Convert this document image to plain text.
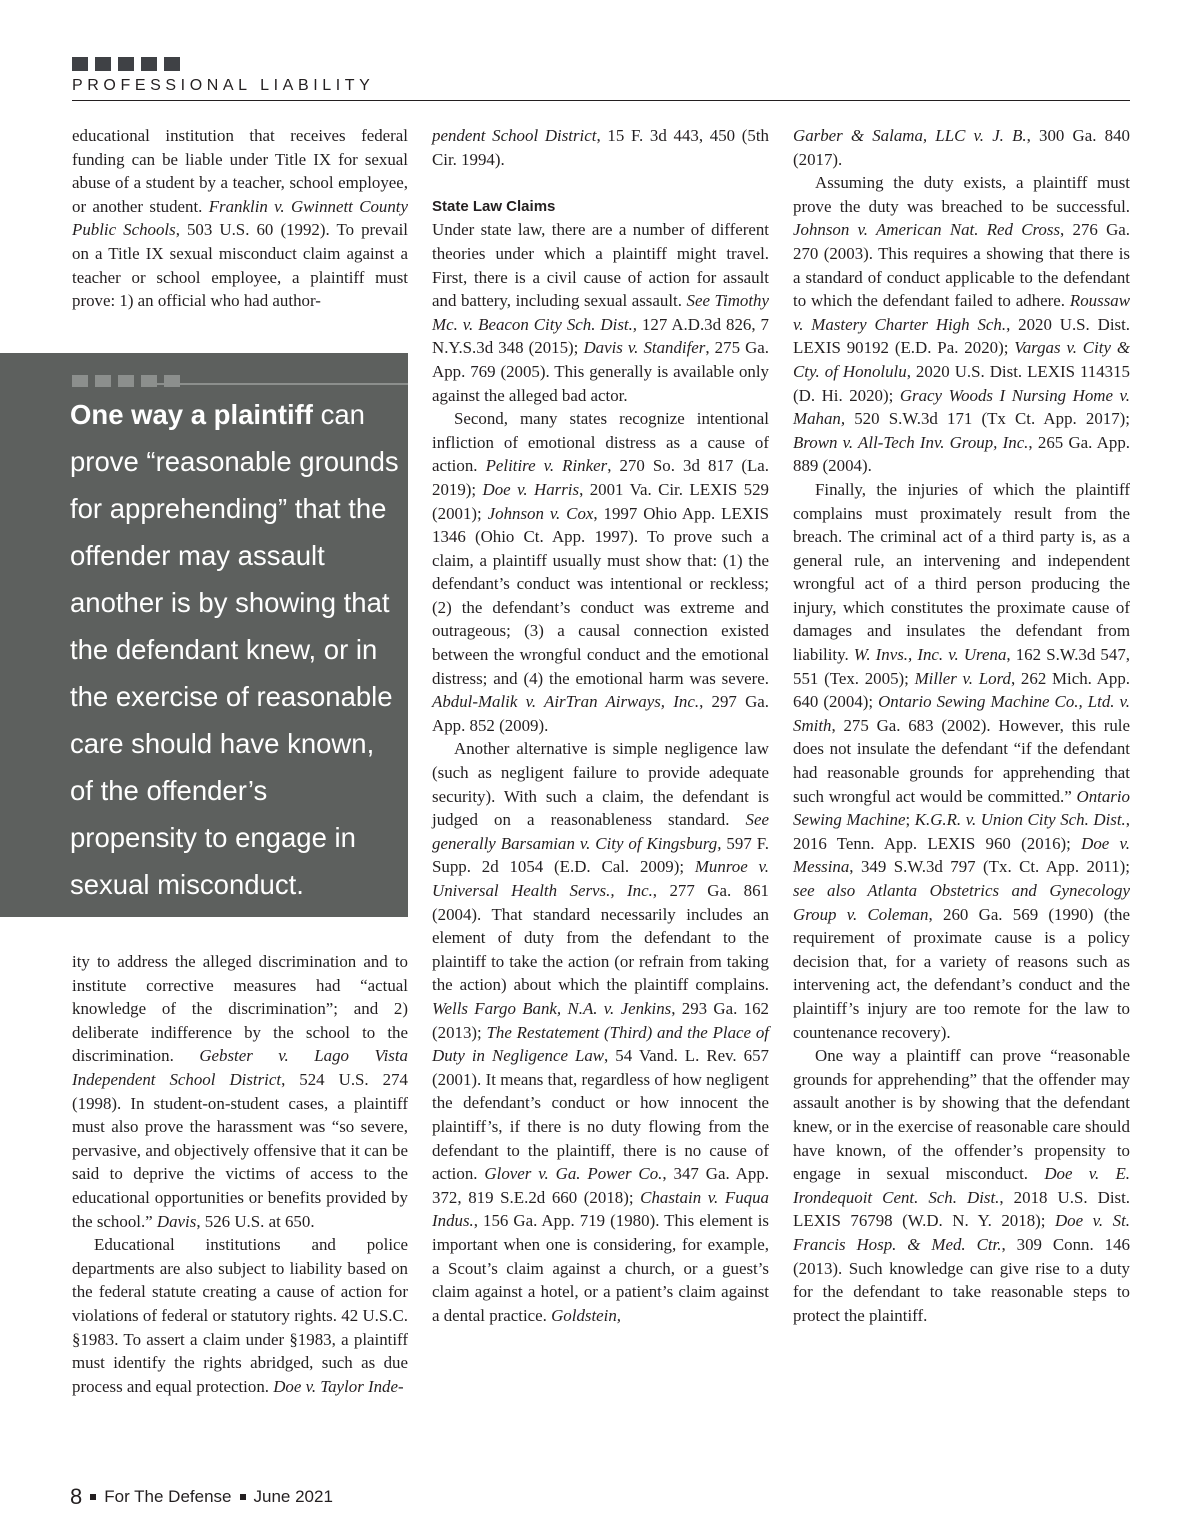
PROFESSIONAL LIABILITY

educational institution that receives federal funding can be liable under Title IX for sexual abuse of a student by a teacher, school employee, or another student. Franklin v. Gwinnett County Public Schools, 503 U.S. 60 (1992). To prevail on a Title IX sexual misconduct claim against a teacher or school employee, a plaintiff must prove: 1) an official who had author-

One way a plaintiff can prove “reasonable grounds for apprehending” that the offender may assault another is by showing that the defendant knew, or in the exercise of reasonable care should have known, of the offender’s propensity to engage in sexual misconduct.

ity to address the alleged discrimination and to institute corrective measures had “actual knowledge of the discrimination”; and 2) deliberate indifference by the school to the discrimination. Gebster v. Lago Vista Independent School District, 524 U.S. 274 (1998). In student-on-student cases, a plaintiff must also prove the harassment was “so severe, pervasive, and objectively offensive that it can be said to deprive the victims of access to the educational opportunities or benefits provided by the school.” Davis, 526 U.S. at 650.

Educational institutions and police departments are also subject to liability based on the federal statute creating a cause of action for violations of federal or statutory rights. 42 U.S.C. §1983. To assert a claim under §1983, a plaintiff must identify the rights abridged, such as due process and equal protection. Doe v. Taylor Inde-

pendent School District, 15 F. 3d 443, 450 (5th Cir. 1994).

State Law Claims

Under state law, there are a number of different theories under which a plaintiff might travel. First, there is a civil cause of action for assault and battery, including sexual assault. See Timothy Mc. v. Beacon City Sch. Dist., 127 A.D.3d 826, 7 N.Y.S.3d 348 (2015); Davis v. Standifer, 275 Ga. App. 769 (2005). This generally is available only against the alleged bad actor.

Second, many states recognize intentional infliction of emotional distress as a cause of action. Pelitire v. Rinker, 270 So. 3d 817 (La. 2019); Doe v. Harris, 2001 Va. Cir. LEXIS 529 (2001); Johnson v. Cox, 1997 Ohio App. LEXIS 1346 (Ohio Ct. App. 1997). To prove such a claim, a plaintiff usually must show that: (1) the defendant’s conduct was intentional or reckless; (2) the defendant’s conduct was extreme and outrageous; (3) a causal connection existed between the wrongful conduct and the emotional distress; and (4) the emotional harm was severe. Abdul-Malik v. AirTran Airways, Inc., 297 Ga. App. 852 (2009).

Another alternative is simple negligence law (such as negligent failure to provide adequate security). With such a claim, the defendant is judged on a reasonableness standard. See generally Barsamian v. City of Kingsburg, 597 F. Supp. 2d 1054 (E.D. Cal. 2009); Munroe v. Universal Health Servs., Inc., 277 Ga. 861 (2004). That standard necessarily includes an element of duty from the defendant to the plaintiff to take the action (or refrain from taking the action) about which the plaintiff complains. Wells Fargo Bank, N.A. v. Jenkins, 293 Ga. 162 (2013); The Restatement (Third) and the Place of Duty in Negligence Law, 54 Vand. L. Rev. 657 (2001). It means that, regardless of how negligent the defendant’s conduct or how innocent the plaintiff’s, if there is no duty flowing from the defendant to the plaintiff, there is no cause of action. Glover v. Ga. Power Co., 347 Ga. App. 372, 819 S.E.2d 660 (2018); Chastain v. Fuqua Indus., 156 Ga. App. 719 (1980). This element is important when one is considering, for example, a Scout’s claim against a church, or a guest’s claim against a hotel, or a patient’s claim against a dental practice. Goldstein,

Garber & Salama, LLC v. J. B., 300 Ga. 840 (2017).

Assuming the duty exists, a plaintiff must prove the duty was breached to be successful. Johnson v. American Nat. Red Cross, 276 Ga. 270 (2003). This requires a showing that there is a standard of conduct applicable to the defendant to which the defendant failed to adhere. Roussaw v. Mastery Charter High Sch., 2020 U.S. Dist. LEXIS 90192 (E.D. Pa. 2020); Vargas v. City & Cty. of Honolulu, 2020 U.S. Dist. LEXIS 114315 (D. Hi. 2020); Gracy Woods I Nursing Home v. Mahan, 520 S.W.3d 171 (Tx Ct. App. 2017); Brown v. All-Tech Inv. Group, Inc., 265 Ga. App. 889 (2004).

Finally, the injuries of which the plaintiff complains must proximately result from the breach. The criminal act of a third party is, as a general rule, an intervening and independent wrongful act of a third person producing the injury, which constitutes the proximate cause of damages and insulates the defendant from liability. W. Invs., Inc. v. Urena, 162 S.W.3d 547, 551 (Tex. 2005); Miller v. Lord, 262 Mich. App. 640 (2004); Ontario Sewing Machine Co., Ltd. v. Smith, 275 Ga. 683 (2002). However, this rule does not insulate the defendant “if the defendant had reasonable grounds for apprehending that such wrongful act would be committed.” Ontario Sewing Machine; K.G.R. v. Union City Sch. Dist., 2016 Tenn. App. LEXIS 960 (2016); Doe v. Messina, 349 S.W.3d 797 (Tx. Ct. App. 2011); see also Atlanta Obstetrics and Gynecology Group v. Coleman, 260 Ga. 569 (1990) (the requirement of proximate cause is a policy decision that, for a variety of reasons such as intervening act, the defendant’s conduct and the plaintiff’s injury are too remote for the law to countenance recovery).

One way a plaintiff can prove “reasonable grounds for apprehending” that the offender may assault another is by showing that the defendant knew, or in the exercise of reasonable care should have known, of the offender’s propensity to engage in sexual misconduct. Doe v. E. Irondequoit Cent. Sch. Dist., 2018 U.S. Dist. LEXIS 76798 (W.D. N. Y. 2018); Doe v. St. Francis Hosp. & Med. Ctr., 309 Conn. 146 (2013). Such knowledge can give rise to a duty for the defendant to take reasonable steps to protect the plaintiff.

8 For The Defense June 2021
